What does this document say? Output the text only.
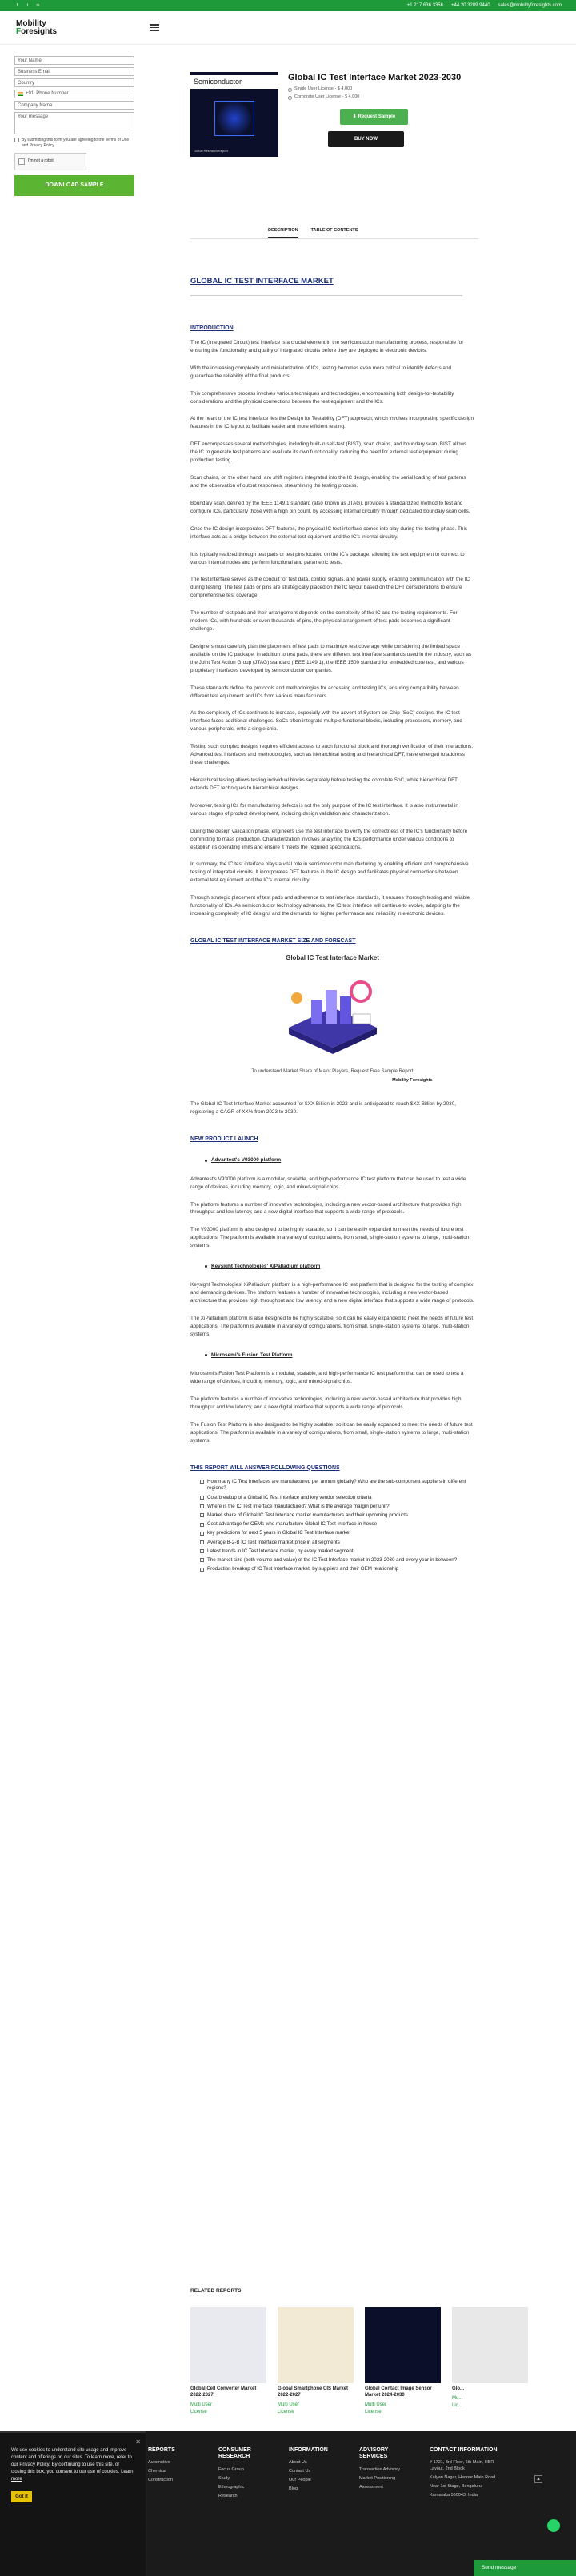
f	t	in	+1 217 636 3356 +44 20 3289 9440 sales@mobilityforesights.com
Mobility
Foresights
Your Name
Business Email
Country
+91 Phone Number
Company Name
Your message
By submitting this form you are agreeing to the Terms of Use and Privacy Policy.
I'm not a robot
DOWNLOAD SAMPLE
Semiconductor
Global Research Report
Global IC Test Interface Market 2023-2030
Single User License - $ 4,000
Corporate User License - $ 4,000
⬇ Request Sample
BUY NOW
DESCRIPTION	TABLE OF CONTENTS
GLOBAL IC TEST INTERFACE MARKET
INTRODUCTION

The IC (Integrated Circuit) test interface is a crucial element in the semiconductor manufacturing process, responsible for ensuring the functionality and quality of integrated circuits before they are deployed in electronic devices.

With the increasing complexity and miniaturization of ICs, testing becomes even more critical to identify defects and guarantee the reliability of the final products.

This comprehensive process involves various techniques and technologies, encompassing both design-for-testability considerations and the physical connections between the test equipment and the ICs.

At the heart of the IC test interface lies the Design for Testability (DFT) approach, which involves incorporating specific design features in the IC layout to facilitate easier and more efficient testing.

DFT encompasses several methodologies, including built-in self-test (BIST), scan chains, and boundary scan. BIST allows the IC to generate test patterns and evaluate its own functionality, reducing the need for external test equipment during production testing.

Scan chains, on the other hand, are shift registers integrated into the IC design, enabling the serial loading of test patterns and the observation of output responses, streamlining the testing process.

Boundary scan, defined by the IEEE 1149.1 standard (also known as JTAG), provides a standardized method to test and configure ICs, particularly those with a high pin count, by accessing internal circuitry through dedicated boundary scan cells.

Once the IC design incorporates DFT features, the physical IC test interface comes into play during the testing phase. This interface acts as a bridge between the external test equipment and the IC's internal circuitry.

It is typically realized through test pads or test pins located on the IC's package, allowing the test equipment to connect to various internal nodes and perform functional and parametric tests.

The test interface serves as the conduit for test data, control signals, and power supply, enabling communication with the IC during testing. The test pads or pins are strategically placed on the IC layout based on the DFT considerations to ensure comprehensive test coverage.

The number of test pads and their arrangement depends on the complexity of the IC and the testing requirements. For modern ICs, with hundreds or even thousands of pins, the physical arrangement of test pads becomes a significant challenge.

Designers must carefully plan the placement of test pads to maximize test coverage while considering the limited space available on the IC package. In addition to test pads, there are different test interface standards used in the industry, such as the Joint Test Action Group (JTAG) standard (IEEE 1149.1), the IEEE 1500 standard for embedded core test, and various proprietary interfaces developed by semiconductor companies.

These standards define the protocols and methodologies for accessing and testing ICs, ensuring compatibility between different test equipment and ICs from various manufacturers.

As the complexity of ICs continues to increase, especially with the advent of System-on-Chip (SoC) designs, the IC test interface faces additional challenges. SoCs often integrate multiple functional blocks, including processors, memory, and various peripherals, onto a single chip.

Testing such complex designs requires efficient access to each functional block and thorough verification of their interactions. Advanced test interfaces and methodologies, such as hierarchical testing and hierarchical DFT, have emerged to address these challenges.

Hierarchical testing allows testing individual blocks separately before testing the complete SoC, while hierarchical DFT extends DFT techniques to hierarchical designs.

Moreover, testing ICs for manufacturing defects is not the only purpose of the IC test interface. It is also instrumental in various stages of product development, including design validation and characterization.

During the design validation phase, engineers use the test interface to verify the correctness of the IC's functionality before committing to mass production. Characterization involves analyzing the IC's performance under various conditions to establish its operating limits and ensure it meets the required specifications.

In summary, the IC test interface plays a vital role in semiconductor manufacturing by enabling efficient and comprehensive testing of integrated circuits. It incorporates DFT features in the IC design and facilitates physical connections between external test equipment and the IC's internal circuitry.

Through strategic placement of test pads and adherence to test interface standards, it ensures thorough testing and reliable functionality of ICs. As semiconductor technology advances, the IC test interface will continue to evolve, adapting to the increasing complexity of IC designs and the demands for higher performance and reliability in electronic devices.

GLOBAL IC TEST INTERFACE MARKET SIZE AND FORECAST
Global IC Test Interface Market
To understand Market Share of Major Players, Request Free Sample Report
Mobility Foresights

The Global IC Test Interface Market accounted for $XX Billion in 2022 and is anticipated to reach $XX Billion by 2030, registering a CAGR of XX% from 2023 to 2030.

NEW PRODUCT LAUNCH
Advantest's V93000 platform

Advantest's V93000 platform is a modular, scalable, and high-performance IC test platform that can be used to test a wide range of devices, including memory, logic, and mixed-signal chips.

The platform features a number of innovative technologies, including a new vector-based architecture that provides high throughput and low latency, and a new digital interface that supports a wide range of protocols.

The V93000 platform is also designed to be highly scalable, so it can be easily expanded to meet the needs of future test applications. The platform is available in a variety of configurations, from small, single-station systems to large, multi-station systems.

Keysight Technologies' XiPalladium platform

Keysight Technologies' XiPalladium platform is a high-performance IC test platform that is designed for the testing of complex and demanding devices. The platform features a number of innovative technologies, including a new vector-based architecture that provides high throughput and low latency, and a new digital interface that supports a wide range of protocols.

The XiPalladium platform is also designed to be highly scalable, so it can be easily expanded to meet the needs of future test applications. The platform is available in a variety of configurations, from small, single-station systems to large, multi-station systems.

Microsemi's Fusion Test Platform

Microsemi's Fusion Test Platform is a modular, scalable, and high-performance IC test platform that can be used to test a wide range of devices, including memory, logic, and mixed-signal chips.

The platform features a number of innovative technologies, including a new vector-based architecture that provides high throughput and low latency, and a new digital interface that supports a wide range of protocols.

The Fusion Test Platform is also designed to be highly scalable, so it can be easily expanded to meet the needs of future test applications. The platform is available in a variety of configurations, from small, single-station systems to large, multi-station systems.

THIS REPORT WILL ANSWER FOLLOWING QUESTIONS
How many IC Test Interfaces are manufactured per annum globally? Who are the sub-component suppliers in different regions?
Cost breakup of a Global IC Test Interface and key vendor selection criteria
Where is the IC Test Interface manufactured? What is the average margin per unit?
Market share of Global IC Test Interface market manufacturers and their upcoming products
Cost advantage for OEMs who manufacture Global IC Test Interface in-house
key predictions for next 5 years in Global IC Test Interface market
Average B-2-B IC Test Interface market price in all segments
Latest trends in IC Test Interface market, by every market segment
The market size (both volume and value) of the IC Test Interface market in 2023-2030 and every year in between?
Production breakup of IC Test Interface market, by suppliers and their OEM relationship
RELATED REPORTS
Global Cell Converter Market 2022-2027
Multi User
License
Global Smartphone CIS Market 2022-2027
Multi User
License
Global Contact Image Sensor Market 2024-2030
Multi User
License
Glo...
Mu...
Lic...
REPORTS
Automotive
Chemical
Construction
CONSUMER RESEARCH
Focus Group
Study
Ethnographic
Research
INFORMATION
About Us
Contact Us
Our People
Blog
ADVISORY SERVICES
Transaction Advisory
Market Positioning
Assessment
CONTACT INFORMATION
# 1721, 3rd Floor, 6th Main, HBR Layout, 2nd Block
Kalyan Nagar, Hennur Main Road
Near 1st Stage, Bengaluru,
Karnataka 560043, India
▲
✕
We use cookies to understand site usage and improve content and offerings on our sites. To learn more, refer to our Privacy Policy. By continuing to use this site, or closing this box, you consent to our use of cookies. Learn more
Got it
Send message
